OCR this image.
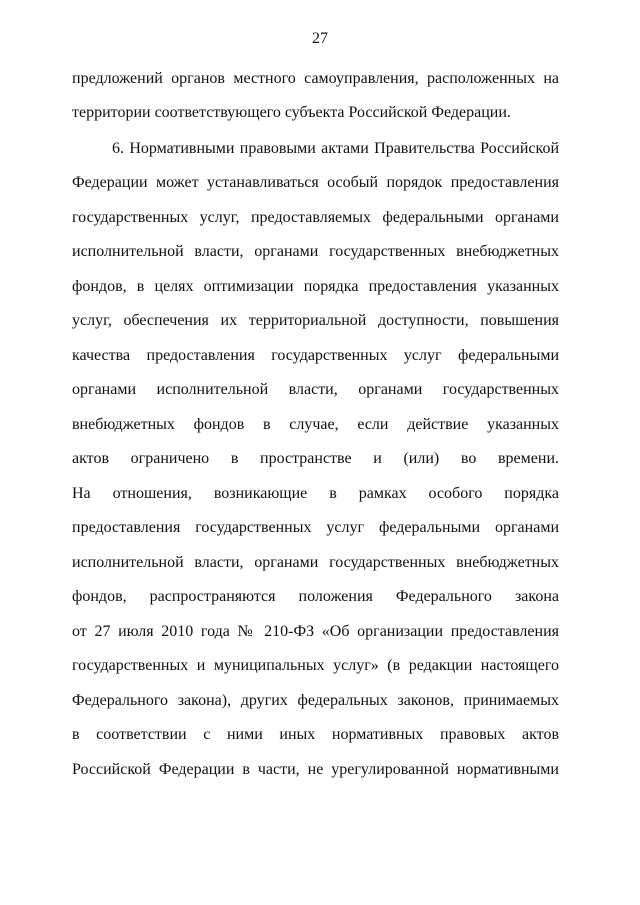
27
предложений органов местного самоуправления, расположенных на
территории соответствующего субъекта Российской Федерации.
6. Нормативными правовыми актами Правительства Российской
Федерации может устанавливаться особый порядок предоставления
государственных услуг, предоставляемых федеральными органами
исполнительной власти, органами государственных внебюджетных
фондов, в целях оптимизации порядка предоставления указанных
услуг, обеспечения их территориальной доступности, повышения
качества предоставления государственных услуг федеральными
органами исполнительной власти, органами государственных
внебюджетных фондов в случае, если действие указанных
актов ограничено в пространстве и (или) во времени.
На отношения, возникающие в рамках особого порядка
предоставления государственных услуг федеральными органами
исполнительной власти, органами государственных внебюджетных
фондов, распространяются положения Федерального закона
от 27 июля 2010 года № 210-ФЗ «Об организации предоставления
государственных и муниципальных услуг» (в редакции настоящего
Федерального закона), других федеральных законов, принимаемых
в соответствии с ними иных нормативных правовых актов
Российской Федерации в части, не урегулированной нормативными
